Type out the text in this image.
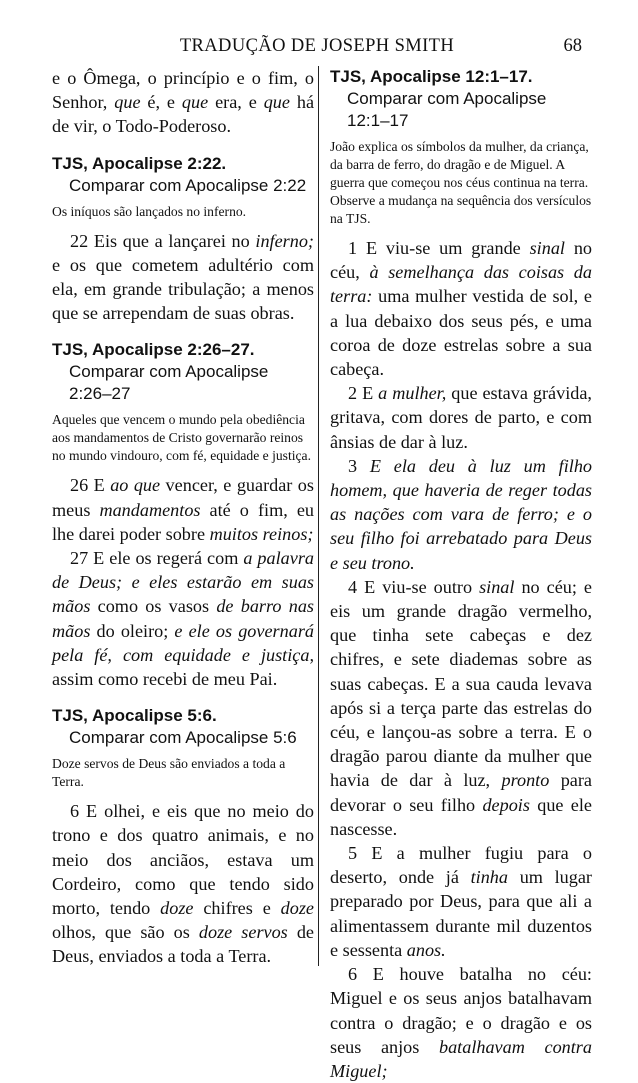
TRADUÇÃO DE JOSEPH SMITH	68

e o Ômega, o princípio e o fim, o Senhor, que é, e que era, e que há de vir, o Todo-Poderoso.

TJS, Apocalipse 2:22.
Comparar com Apocalipse 2:22

Os iníquos são lançados no inferno.

22 Eis que a lançarei no inferno; e os que cometem adultério com ela, em grande tribulação; a menos que se arrependam de suas obras.

TJS, Apocalipse 2:26–27.
Comparar com Apocalipse 2:26–27

Aqueles que vencem o mundo pela obediência aos mandamentos de Cristo governarão reinos no mundo vindouro, com fé, equidade e justiça.

26 E ao que vencer, e guardar os meus mandamentos até o fim, eu lhe darei poder sobre muitos reinos;

27 E ele os regerá com a palavra de Deus; e eles estarão em suas mãos como os vasos de barro nas mãos do oleiro; e ele os governará pela fé, com equidade e justiça, assim como recebi de meu Pai.

TJS, Apocalipse 5:6.
Comparar com Apocalipse 5:6

Doze servos de Deus são enviados a toda a Terra.

6 E olhei, e eis que no meio do trono e dos quatro animais, e no meio dos anciãos, estava um Cordeiro, como que tendo sido morto, tendo doze chifres e doze olhos, que são os doze servos de Deus, enviados a toda a Terra.

TJS, Apocalipse 12:1–17.
Comparar com Apocalipse 12:1–17

João explica os símbolos da mulher, da criança, da barra de ferro, do dragão e de Miguel. A guerra que começou nos céus continua na terra. Observe a mudança na sequência dos versículos na TJS.

1 E viu-se um grande sinal no céu, à semelhança das coisas da terra: uma mulher vestida de sol, e a lua debaixo dos seus pés, e uma coroa de doze estrelas sobre a sua cabeça.

2 E a mulher, que estava grávida, gritava, com dores de parto, e com ânsias de dar à luz.

3 E ela deu à luz um filho homem, que haveria de reger todas as nações com vara de ferro; e o seu filho foi arrebatado para Deus e seu trono.

4 E viu-se outro sinal no céu; e eis um grande dragão vermelho, que tinha sete cabeças e dez chifres, e sete diademas sobre as suas cabeças. E a sua cauda levava após si a terça parte das estrelas do céu, e lançou-as sobre a terra. E o dragão parou diante da mulher que havia de dar à luz, pronto para devorar o seu filho depois que ele nascesse.

5 E a mulher fugiu para o deserto, onde já tinha um lugar preparado por Deus, para que ali a alimentassem durante mil duzentos e sessenta anos.

6 E houve batalha no céu: Miguel e os seus anjos batalhavam contra o dragão; e o dragão e os seus anjos batalhavam contra Miguel;
